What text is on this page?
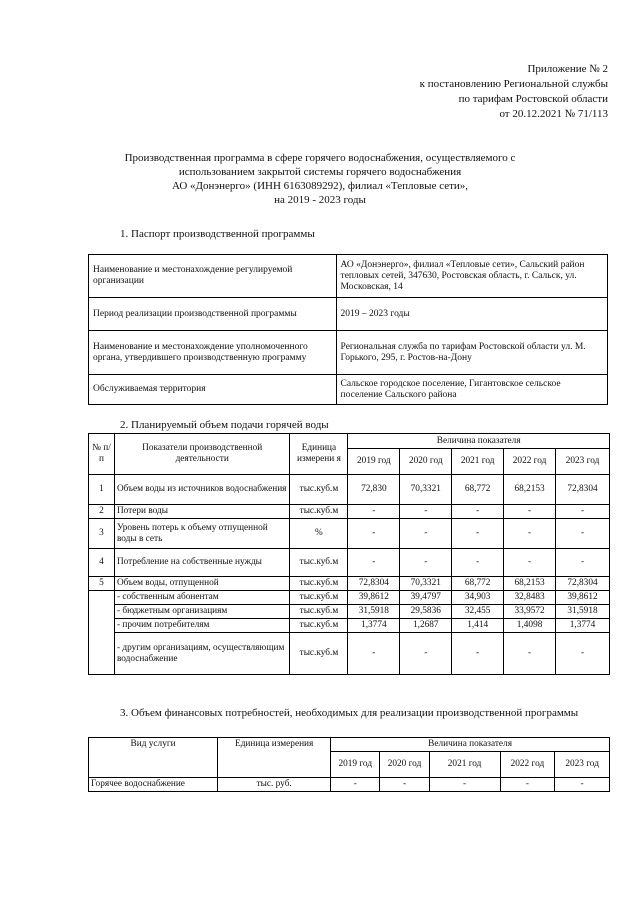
Приложение № 2
к постановлению Региональной службы
по тарифам Ростовской области
от 20.12.2021 № 71/113
Производственная программа в сфере горячего водоснабжения, осуществляемого с
использованием закрытой системы горячего водоснабжения
АО «Донэнерго» (ИНН 6163089292), филиал «Тепловые сети»,
на 2019 - 2023 годы
1. Паспорт производственной программы
Наименование и местонахождение регулируемой организации	АО «Донэнерго», филиал «Тепловые сети», Сальский район тепловых сетей, 347630, Ростовская область, г. Сальск, ул. Московская, 14
Период реализации производственной программы	2019 – 2023 годы
Наименование и местонахождение уполномоченного органа, утвердившего производственную программу	Региональная служба по тарифам Ростовской области ул. М. Горького, 295, г. Ростов-на-Дону
Обслуживаемая территория	Сальское городское поселение, Гигантовское сельское поселение Сальского района
2. Планируемый объем подачи горячей воды
№ п/ п	Показатели производственной деятельности	Единица измерени я	Величина показателя				
			2019 год	2020 год	2021 год	2022 год	2023 год
1	Объем воды из источников водоснабжения	тыс.куб.м	72,830	70,3321	68,772	68,2153	72,8304
2	Потери воды	тыс.куб.м	-	-	-	-	-
3	Уровень потерь к объему отпущенной воды в сеть	%	-	-	-	-	-
4	Потребление на собственные нужды	тыс.куб.м	-	-	-	-	-
5	Объем воды, отпущенной	тыс.куб.м	72,8304	70,3321	68,772	68,2153	72,8304
	- собственным абонентам	тыс.куб.м	39,8612	39,4797	34,903	32,8483	39,8612
	- бюджетным организациям	тыс.куб.м	31,5918	29,5836	32,455	33,9572	31,5918
	- прочим потребителям	тыс.куб.м	1,3774	1,2687	1,414	1,4098	1,3774
	- другим организациям, осуществляющим водоснабжение	тыс.куб.м	-	-	-	-	-
3. Объем финансовых потребностей, необходимых для реализации производственной программы
Вид услуги	Единица измерения	Величина показателя				
		2019 год	2020 год	2021 год	2022 год	2023 год
Горячее водоснабжение	тыс. руб.	-	-	-	-	-
